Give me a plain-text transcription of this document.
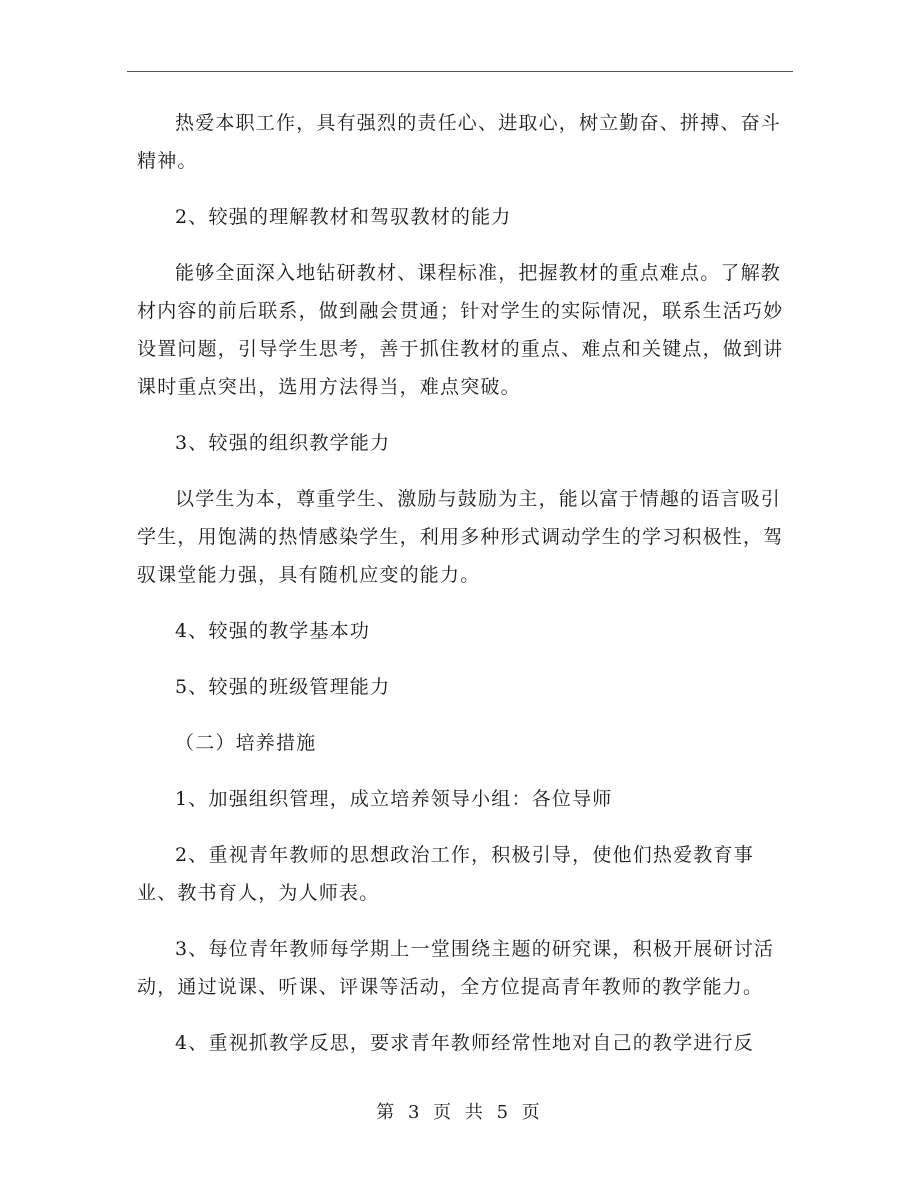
热爱本职工作，具有强烈的责任心、进取心，树立勤奋、拼搏、奋斗精神。

2、较强的理解教材和驾驭教材的能力

能够全面深入地钻研教材、课程标准，把握教材的重点难点。了解教材内容的前后联系，做到融会贯通；针对学生的实际情况，联系生活巧妙设置问题，引导学生思考，善于抓住教材的重点、难点和关键点，做到讲课时重点突出，选用方法得当，难点突破。

3、较强的组织教学能力

以学生为本，尊重学生、激励与鼓励为主，能以富于情趣的语言吸引学生，用饱满的热情感染学生，利用多种形式调动学生的学习积极性，驾驭课堂能力强，具有随机应变的能力。

4、较强的教学基本功

5、较强的班级管理能力

（二）培养措施

1、加强组织管理，成立培养领导小组：各位导师

2、重视青年教师的思想政治工作，积极引导，使他们热爱教育事业、教书育人，为人师表。

3、每位青年教师每学期上一堂围绕主题的研究课，积极开展研讨活动，通过说课、听课、评课等活动，全方位提高青年教师的教学能力。

4、重视抓教学反思，要求青年教师经常性地对自己的教学进行反

第 3 页 共 5 页
